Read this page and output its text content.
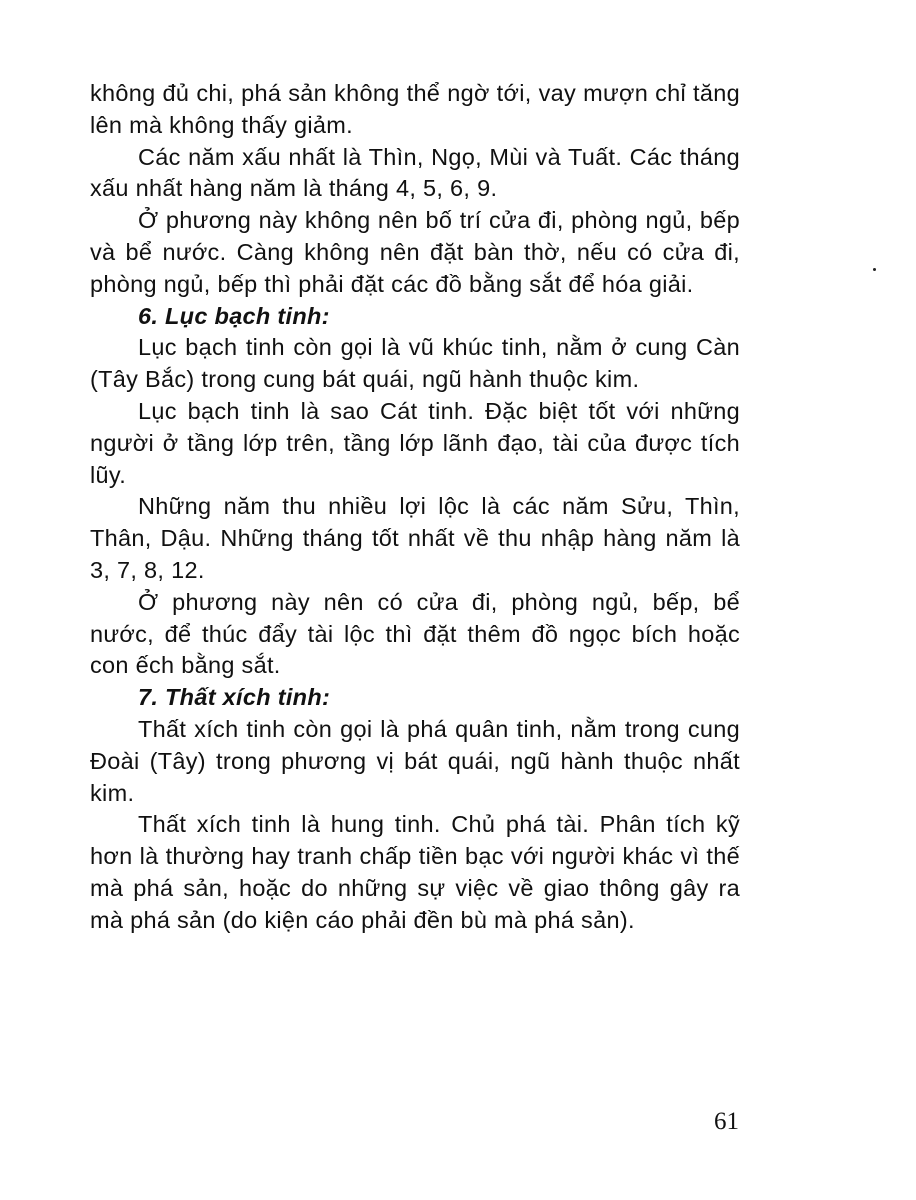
không đủ chi, phá sản không thể ngờ tới, vay mượn chỉ tăng lên mà không thấy giảm.

Các năm xấu nhất là Thìn, Ngọ, Mùi và Tuất. Các tháng xấu nhất hàng năm là tháng 4, 5, 6, 9.

Ở phương này không nên bố trí cửa đi, phòng ngủ, bếp và bể nước. Càng không nên đặt bàn thờ, nếu có cửa đi, phòng ngủ, bếp thì phải đặt các đồ bằng sắt để hóa giải.

6. Lục bạch tinh:

Lục bạch tinh còn gọi là vũ khúc tinh, nằm ở cung Càn (Tây Bắc) trong cung bát quái, ngũ hành thuộc kim.

Lục bạch tinh là sao Cát tinh. Đặc biệt tốt với những người ở tầng lớp trên, tầng lớp lãnh đạo, tài của được tích lũy.

Những năm thu nhiều lợi lộc là các năm Sửu, Thìn, Thân, Dậu. Những tháng tốt nhất về thu nhập hàng năm là 3, 7, 8, 12.

Ở phương này nên có cửa đi, phòng ngủ, bếp, bể nước, để thúc đẩy tài lộc thì đặt thêm đồ ngọc bích hoặc con ếch bằng sắt.

7. Thất xích tinh:

Thất xích tinh còn gọi là phá quân tinh, nằm trong cung Đoài (Tây) trong phương vị bát quái, ngũ hành thuộc nhất kim.

Thất xích tinh là hung tinh. Chủ phá tài. Phân tích kỹ hơn là thường hay tranh chấp tiền bạc với người khác vì thế mà phá sản, hoặc do những sự việc về giao thông gây ra mà phá sản (do kiện cáo phải đền bù mà phá sản).

61
